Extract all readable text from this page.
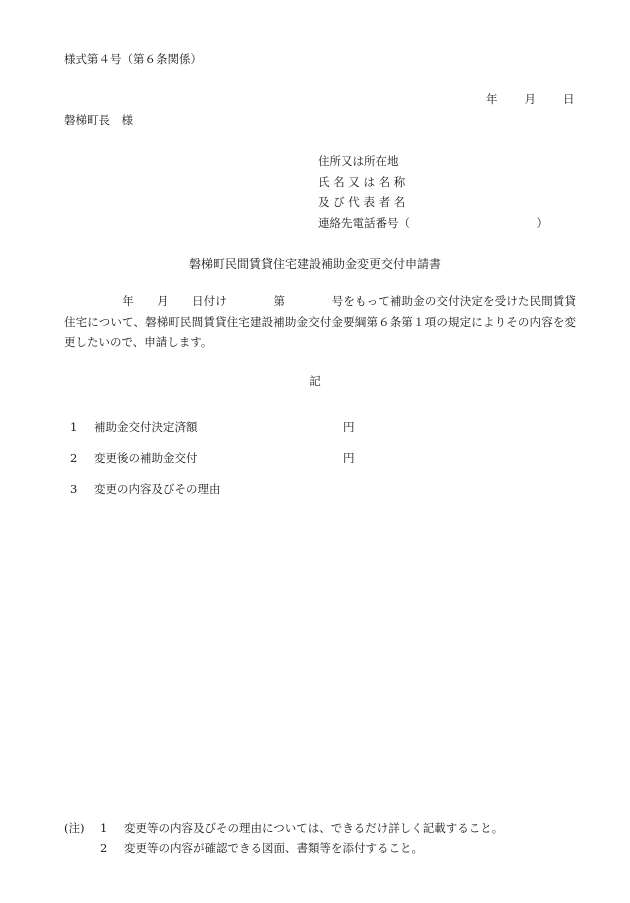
様式第４号（第６条関係）
年 月 日
磐梯町長　様
住所又は所在地
氏 名 又 は 名 称
及 び 代 表 者 名
連絡先電話番号（　　　　　　　　　　　）
磐梯町民間賃貸住宅建設補助金変更交付申請書
　　　　　年　　月　　日付け　　　　第　　　　号をもって補助金の交付決定を受けた民間賃貸住宅について、磐梯町民間賃貸住宅建設補助金交付金要綱第６条第１項の規定によりその内容を変更したいので、申請します。
記
1 補助金交付決定済額	円
2 変更後の補助金交付	円
3 変更の内容及びその理由
(注) 1 変更等の内容及びその理由については、できるだけ詳しく記載すること。
2 変更等の内容が確認できる図面、書類等を添付すること。
